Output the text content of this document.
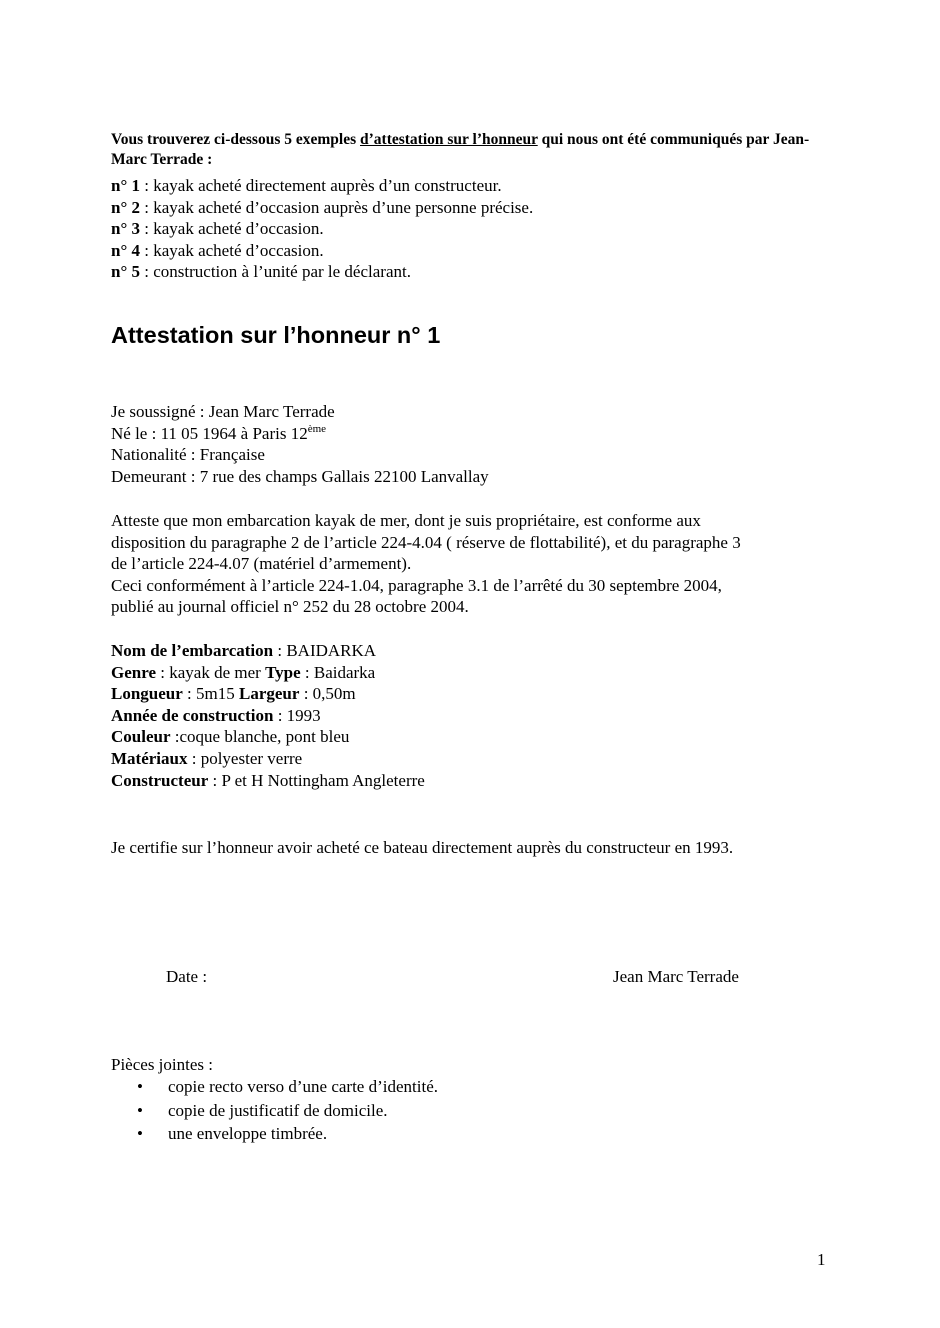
Vous trouverez ci-dessous 5 exemples d’attestation sur l’honneur qui nous ont été communiqués par Jean-Marc Terrade :
n° 1 : kayak acheté directement auprès d’un constructeur.
n° 2 : kayak acheté d’occasion auprès d’une personne précise.
n° 3 : kayak acheté d’occasion.
n° 4 : kayak acheté d’occasion.
n° 5 : construction à l’unité par le déclarant.
Attestation sur l’honneur n° 1
Je soussigné : Jean Marc Terrade
Né le : 11 05 1964 à Paris 12ème
Nationalité : Française
Demeurant : 7 rue des champs Gallais 22100 Lanvallay
Atteste que mon embarcation kayak de mer, dont je suis propriétaire, est conforme aux
disposition du paragraphe 2 de l’article 224-4.04 ( réserve de flottabilité), et du paragraphe 3
de l’article 224-4.07 (matériel d’armement).
Ceci conformément à l’article 224-1.04, paragraphe 3.1 de l’arrêté du 30 septembre 2004,
publié au journal officiel n° 252 du 28 octobre 2004.
Nom de l’embarcation : BAIDARKA
Genre : kayak de mer Type : Baidarka
Longueur : 5m15 Largeur : 0,50m
Année de construction : 1993
Couleur :coque blanche, pont bleu
Matériaux : polyester verre
Constructeur : P et H Nottingham Angleterre
Je certifie sur l’honneur avoir acheté ce bateau directement auprès du constructeur en 1993.
Date :	Jean Marc Terrade
Pièces jointes :
• copie recto verso d’une carte d’identité.
• copie de justificatif de domicile.
• une enveloppe timbrée.
1
